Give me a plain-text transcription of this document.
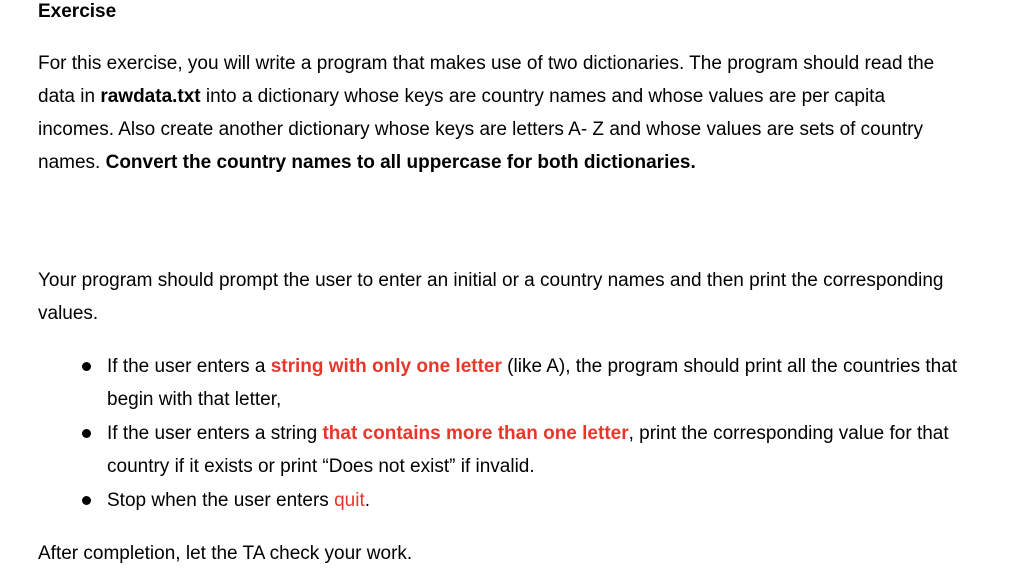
Exercise

For this exercise, you will write a program that makes use of two dictionaries. The program should read the data in rawdata.txt into a dictionary whose keys are country names and whose values are per capita incomes. Also create another dictionary whose keys are letters A- Z and whose values are sets of country names. Convert the country names to all uppercase for both dictionaries.

Your program should prompt the user to enter an initial or a country names and then print the corresponding values.

If the user enters a string with only one letter (like A), the program should print all the countries that begin with that letter,
If the user enters a string that contains more than one letter, print the corresponding value for that country if it exists or print “Does not exist” if invalid.
Stop when the user enters quit.

After completion, let the TA check your work.
